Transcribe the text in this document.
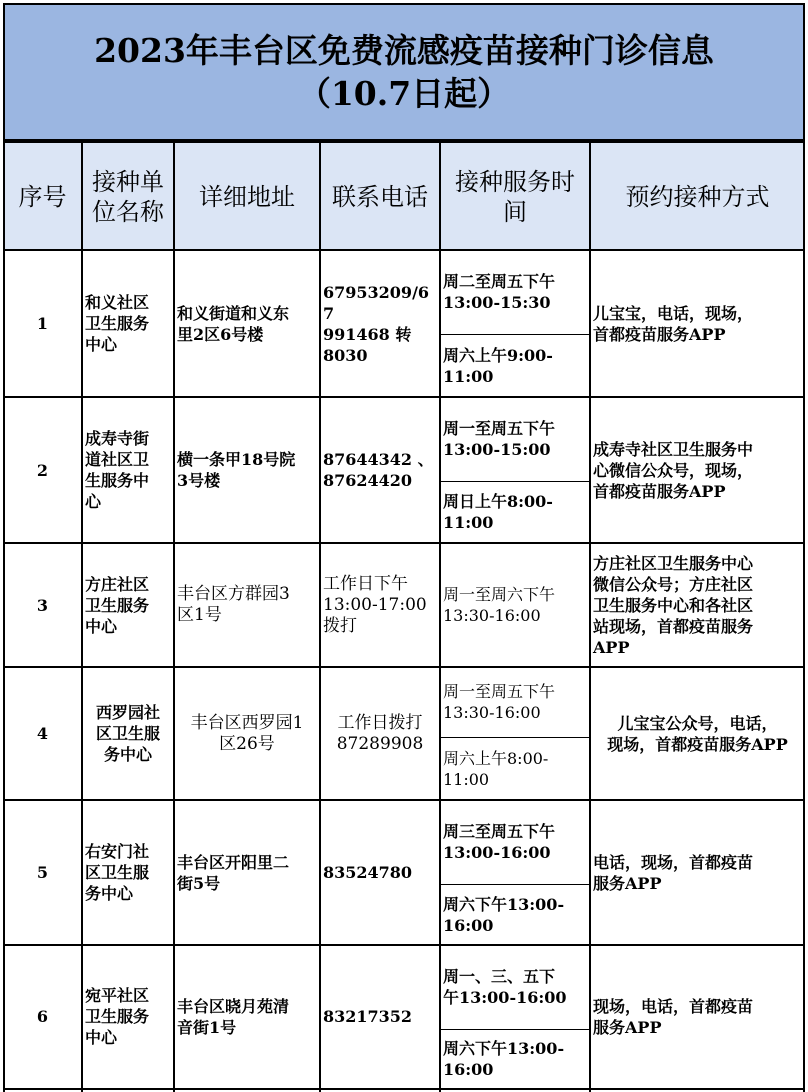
2023年丰台区免费流感疫苗接种门诊信息
（10.7日起）
序号
接种单
位名称
详细地址 联系电话
接种服务时
间
预约接种方式
1
和义社区
卫生服务
中心
和义街道和义东
里2区6号楼
67953209/67
991468 转
8030
周二至周五下午
13:00-15:30
周六上午9:00-
11:00
儿宝宝，电话，现场，
首都疫苗服务APP
2
成寿寺街
道社区卫
生服务中
心
横一条甲18号院
3号楼
87644342 、
87624420
周一至周五下午
13:00-15:00
周日上午8:00-
11:00
成寿寺社区卫生服务中
心微信公众号，现场，
首都疫苗服务APP
3
方庄社区
卫生服务
中心
丰台区方群园3
区1号
工作日下午
13:00-17:00
拨打
周一至周六下午
13:30-16:00
方庄社区卫生服务中心
微信公众号；方庄社区
卫生服务中心和各社区
站现场，首都疫苗服务
APP
4
西罗园社
区卫生服
务中心
丰台区西罗园1
区26号
工作日拨打
87289908
周一至周五下午
13:30-16:00
周六上午8:00-
11:00
儿宝宝公众号，电话，
现场，首都疫苗服务APP
5
右安门社
区卫生服
务中心
丰台区开阳里二
街5号
83524780
周三至周五下午
13:00-16:00
周六下午13:00-
16:00
电话，现场，首都疫苗
服务APP
6
宛平社区
卫生服务
中心
丰台区晓月苑清
音街1号
83217352
周一、三、五下
午13:00-16:00
周六下午13:00-
16:00
现场，电话，首都疫苗
服务APP
